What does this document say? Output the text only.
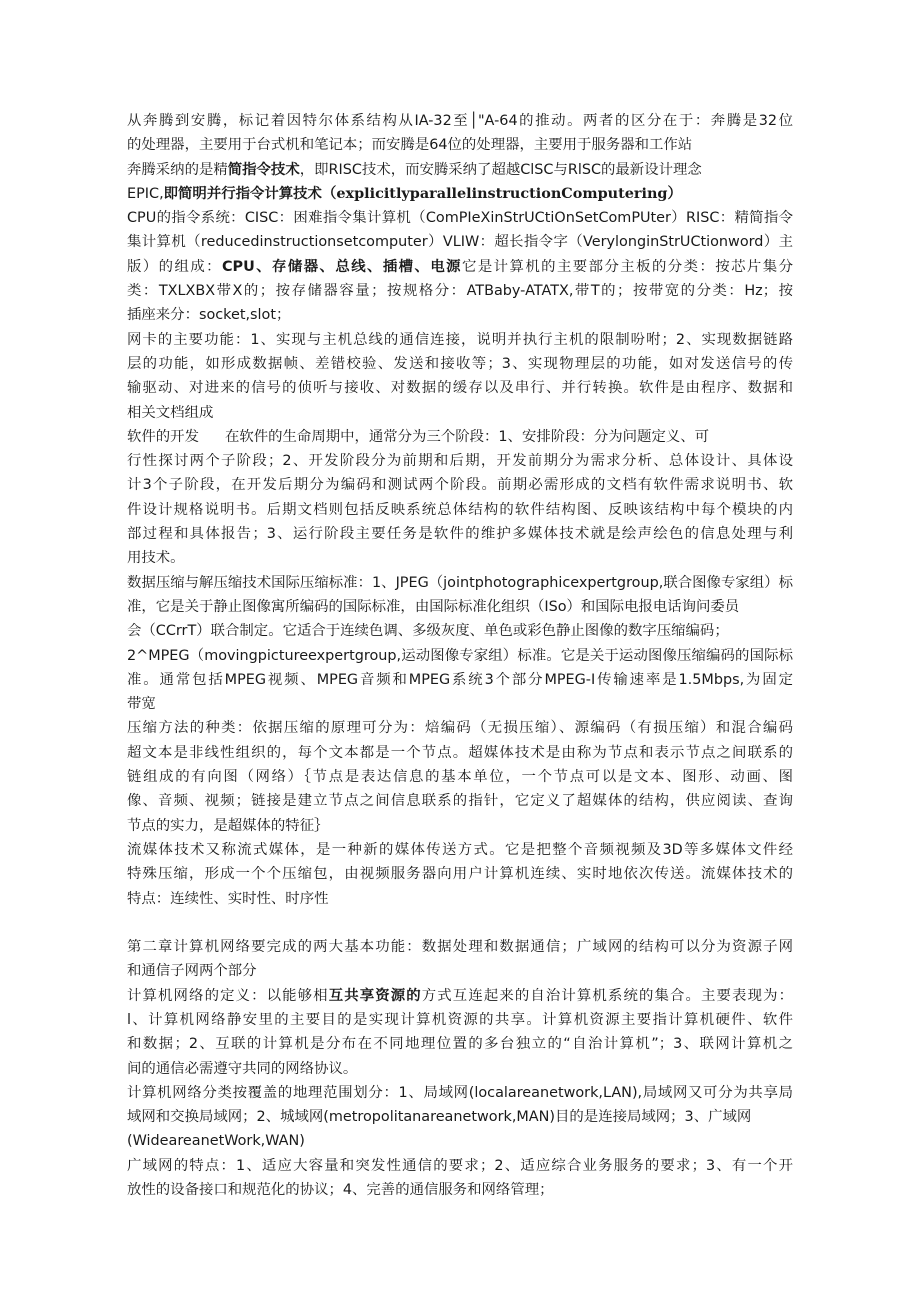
从奔腾到安腾，标记着因特尔体系结构从IA-32至│"A-64的推动。两者的区分在于：奔腾是32位
的处理器，主要用于台式机和笔记本；而安腾是64位的处理器，主要用于服务器和工作站
奔腾采纳的是精简指令技术，即RISC技术，而安腾采纳了超越ClSC与RlSC的最新设计理念
EPIC,即简明并行指令计算技术（explicitlyparallelinstructionComputering）
CPU的指令系统：CISC：困难指令集计算机（ComPIeXinStrUCtiOnSetComPUter）RISC：精简指令
集计算机（reducedinstructionsetcomputer）VLIW：超长指令字（VerylonginStrUCtionword）主
版）的组成：CPU、存储器、总线、插槽、电源它是计算机的主要部分主板的分类：按芯片集分
类：TXLXBX带X的；按存储器容量；按规格分：ATBaby-ATATX,带T的；按带宽的分类：Hz；按
插座来分：socket,slot；
网卡的主要功能：1、实现与主机总线的通信连接，说明并执行主机的限制吩咐；2、实现数据链路
层的功能，如形成数据帧、差错校验、发送和接收等；3、实现物理层的功能，如对发送信号的传
输驱动、对进来的信号的侦听与接收、对数据的缓存以及串行、并行转换。软件是由程序、数据和
相关文档组成
软件的开发 在软件的生命周期中，通常分为三个阶段：1、安排阶段：分为问题定义、可
行性探讨两个子阶段；2、开发阶段分为前期和后期，开发前期分为需求分析、总体设计、具体设
计3个子阶段，在开发后期分为编码和测试两个阶段。前期必需形成的文档有软件需求说明书、软
件设计规格说明书。后期文档则包括反映系统总体结构的软件结构图、反映该结构中每个模块的内
部过程和具体报告；3、运行阶段主要任务是软件的维护多媒体技术就是绘声绘色的信息处理与利
用技术。
数据压缩与解压缩技术国际压缩标准：1、JPEG（jointphotographicexpertgroup,联合图像专家组）标
准，它是关于静止图像寓所编码的国际标准，由国际标准化组织（ISo）和国际电报电话询问委员
会（CCrrT）联合制定。它适合于连续色调、多级灰度、单色或彩色静止图像的数字压缩编码；
2^MPEG（movingpictureexpertgroup,运动图像专家组）标准。它是关于运动图像压缩编码的国际标
准。通常包括MPEG视频、MPEG音频和MPEG系统3个部分MPEG-I传输速率是1.5Mbps,为固定
带宽
压缩方法的种类：依据压缩的原理可分为：焙编码（无损压缩）、源编码（有损压缩）和混合编码
超文本是非线性组织的，每个文本都是一个节点。超媒体技术是由称为节点和表示节点之间联系的
链组成的有向图（网络）｛节点是表达信息的基本单位，一个节点可以是文本、图形、动画、图
像、音频、视频；链接是建立节点之间信息联系的指针，它定义了超媒体的结构，供应阅读、查询
节点的实力，是超媒体的特征｝
流媒体技术又称流式媒体，是一种新的媒体传送方式。它是把整个音频视频及3D等多媒体文件经
特殊压缩，形成一个个压缩包，由视频服务器向用户计算机连续、实时地依次传送。流媒体技术的
特点：连续性、实时性、时序性
第二章计算机网络要完成的两大基本功能：数据处理和数据通信；广域网的结构可以分为资源子网
和通信子网两个部分
计算机网络的定义：以能够相互共享资源的方式互连起来的自治计算机系统的集合。主要表现为：
l、计算机网络静安里的主要目的是实现计算机资源的共享。计算机资源主要指计算机硬件、软件
和数据；2、互联的计算机是分布在不同地理位置的多台独立的“自治计算机”；3、联网计算机之
间的通信必需遵守共同的网络协议。
计算机网络分类按覆盖的地理范围划分：1、局域网(localareanetwork,LAN),局域网又可分为共享局
域网和交换局域网；2、城域网(metropolitanareanetwork,MAN)目的是连接局域网；3、广域网
(WideareanetWork,WAN)
广域网的特点：1、适应大容量和突发性通信的要求；2、适应综合业务服务的要求；3、有一个开
放性的设备接口和规范化的协议；4、完善的通信服务和网络管理；
